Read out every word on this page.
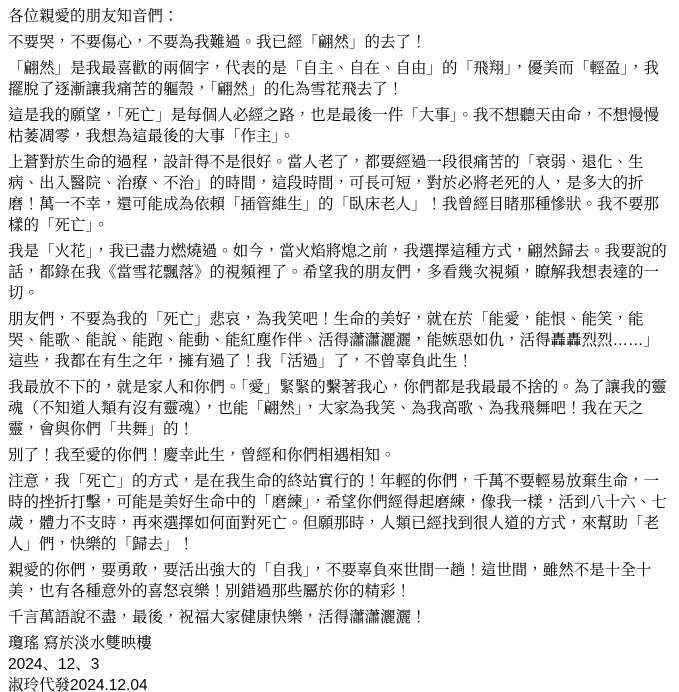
各位親愛的朋友知音們：

不要哭，不要傷心，不要為我難過。我已經「翩然」的去了！

「翩然」是我最喜歡的兩個字，代表的是「自主、自在、自由」的「飛翔」，優美而「輕盈」，我擺脫了逐漸讓我痛苦的軀殼，「翩然」的化為雪花飛去了！

這是我的願望，「死亡」是每個人必經之路，也是最後一件「大事」。我不想聽天由命，不想慢慢枯萎凋零，我想為這最後的大事「作主」。

上蒼對於生命的過程，設計得不是很好。當人老了，都要經過一段很痛苦的「衰弱、退化、生病、出入醫院、治療、不治」的時間，這段時間，可長可短，對於必將老死的人，是多大的折磨！萬一不幸，還可能成為依賴「插管維生」的「臥床老人」！我曾經目睹那種慘狀。我不要那樣的「死亡」。

我是「火花」，我已盡力燃燒過。如今，當火焰將熄之前，我選擇這種方式，翩然歸去。我要說的話，都錄在我《當雪花飄落》的視頻裡了。希望我的朋友們，多看幾次視頻，瞭解我想表達的一切。

朋友們，不要為我的「死亡」悲哀，為我笑吧！生命的美好，就在於「能愛，能恨、能笑，能哭、能歌、能說、能跑、能動、能紅塵作伴、活得瀟瀟灑灑，能嫉惡如仇，活得轟轟烈烈……」這些，我都在有生之年，擁有過了！我「活過」了，不曾辜負此生！

我最放不下的，就是家人和你們。「愛」緊緊的繫著我心，你們都是我最最不捨的。為了讓我的靈魂（不知道人類有沒有靈魂），也能「翩然」，大家為我笑、為我高歌、為我飛舞吧！我在天之靈，會與你們「共舞」的！

別了！我至愛的你們！慶幸此生，曾經和你們相遇相知。

注意，我「死亡」的方式，是在我生命的終站實行的！年輕的你們，千萬不要輕易放棄生命，一時的挫折打擊，可能是美好生命中的「磨練」，希望你們經得起磨練，像我一樣，活到八十六、七歲，體力不支時，再來選擇如何面對死亡。但願那時，人類已經找到很人道的方式，來幫助「老人」們，快樂的「歸去」！

親愛的你們，要勇敢，要活出強大的「自我」，不要辜負來世間一趟！這世間，雖然不是十全十美，也有各種意外的喜怒哀樂！別錯過那些屬於你的精彩！

千言萬語說不盡，最後，祝福大家健康快樂，活得瀟瀟灑灑！

瓊瑤 寫於淡水雙映樓
2024、12、3
淑玲代發2024.12.04
